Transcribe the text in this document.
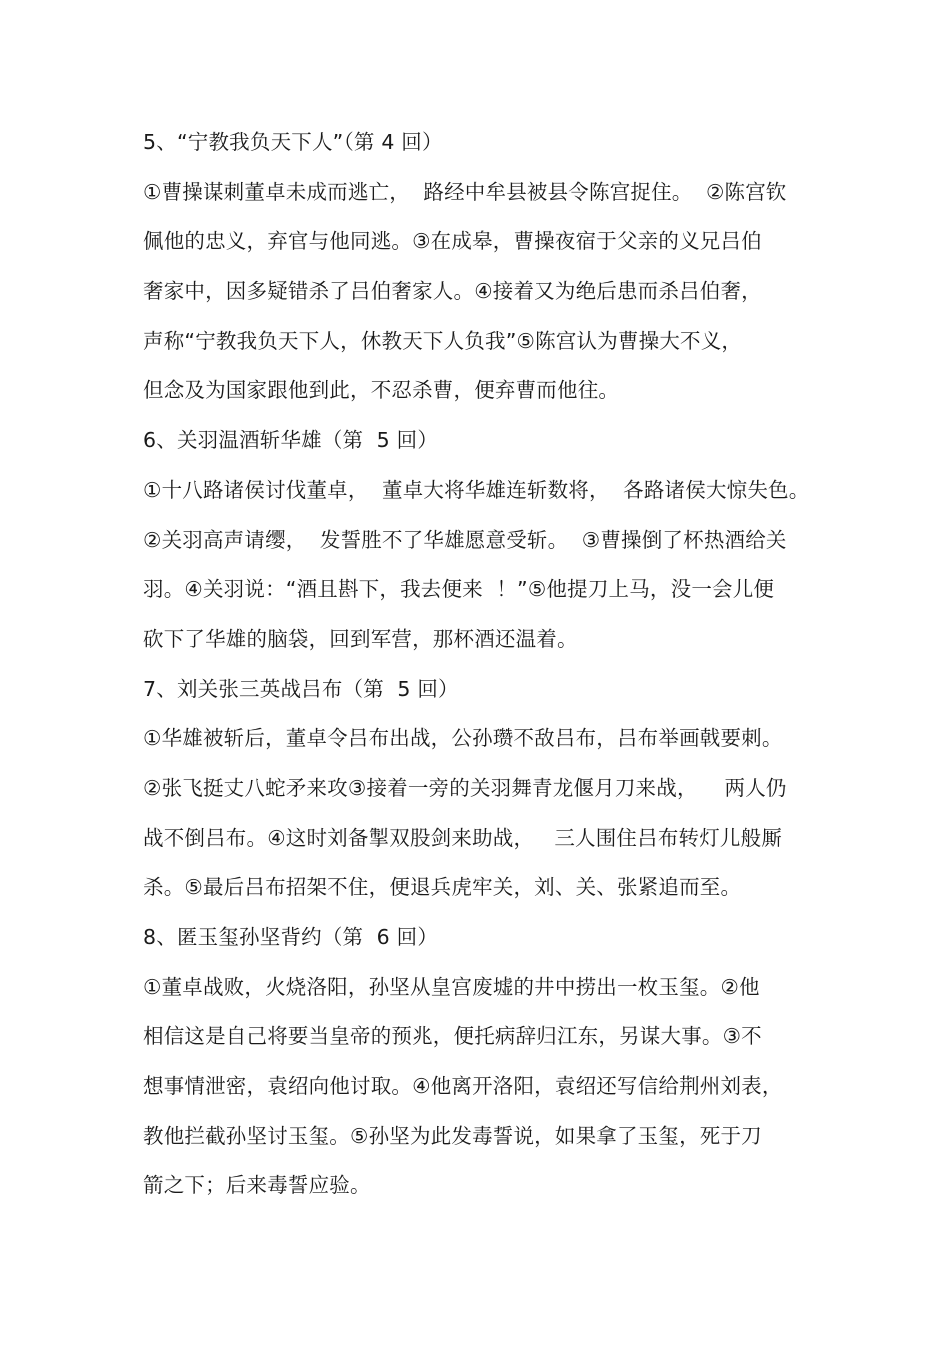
5、“宁教我负天下人”（第 4 回）
①曹操谋刺董卓未成而逃亡，  路经中牟县被县令陈宫捉住。  ②陈宫钦
佩他的忠义，弃官与他同逃。③在成皋，曹操夜宿于父亲的义兄吕伯
奢家中，因多疑错杀了吕伯奢家人。④接着又为绝后患而杀吕伯奢，
声称“宁教我负天下人，休教天下人负我”⑤陈宫认为曹操大不义，
但念及为国家跟他到此，不忍杀曹，便弃曹而他往。
6、关羽温酒斩华雄（第  5 回）
①十八路诸侯讨伐董卓，  董卓大将华雄连斩数将，  各路诸侯大惊失色。
②关羽高声请缨，  发誓胜不了华雄愿意受斩。  ③曹操倒了杯热酒给关
羽。④关羽说：“酒且斟下，我去便来  ！”⑤他提刀上马，没一会儿便
砍下了华雄的脑袋，回到军营，那杯酒还温着。
7、刘关张三英战吕布（第  5 回）
①华雄被斩后，董卓令吕布出战，公孙瓒不敌吕布，吕布举画戟要刺。
②张飞挺丈八蛇矛来攻③接着一旁的关羽舞青龙偃月刀来战，    两人仍
战不倒吕布。④这时刘备掣双股剑来助战，   三人围住吕布转灯儿般厮
杀。⑤最后吕布招架不住，便退兵虎牢关，刘、关、张紧追而至。
8、匿玉玺孙坚背约（第  6 回）
①董卓战败，火烧洛阳，孙坚从皇宫废墟的井中捞出一枚玉玺。②他
相信这是自己将要当皇帝的预兆，便托病辞归江东，另谋大事。③不
想事情泄密，袁绍向他讨取。④他离开洛阳，袁绍还写信给荆州刘表，
教他拦截孙坚讨玉玺。⑤孙坚为此发毒誓说，如果拿了玉玺，死于刀
箭之下；后来毒誓应验。
